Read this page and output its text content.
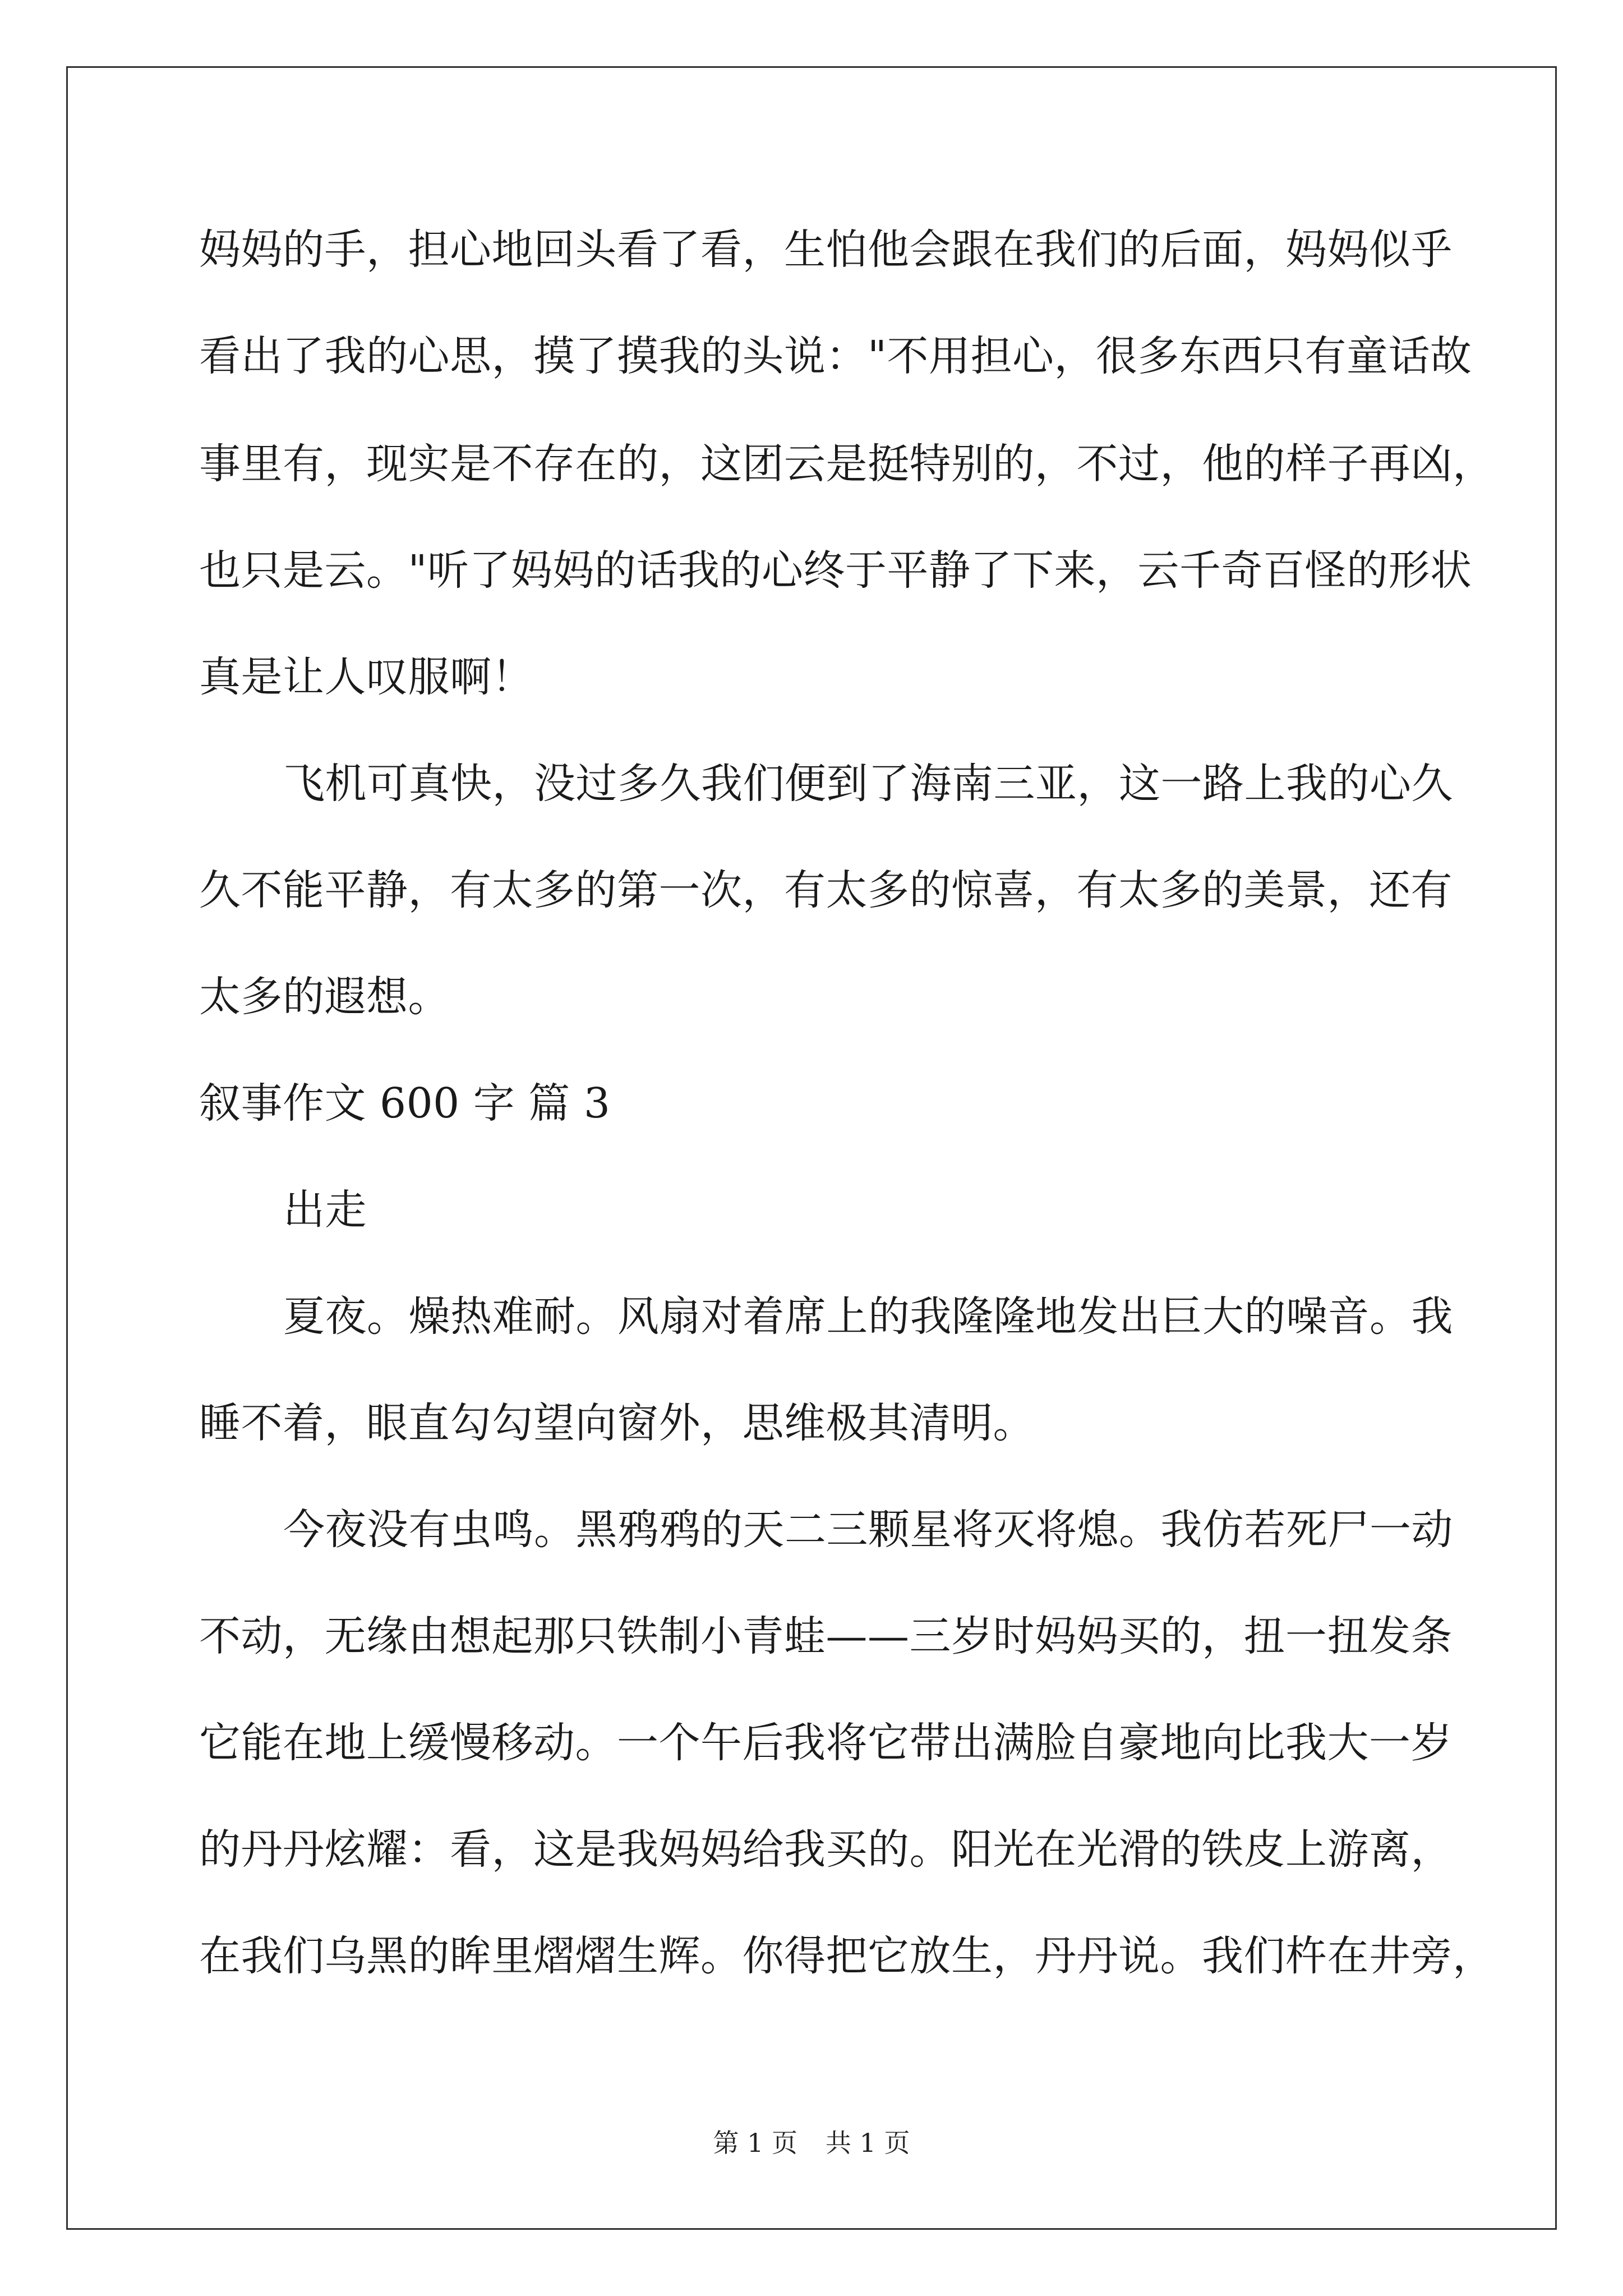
妈妈的手，担心地回头看了看，生怕他会跟在我们的后面，妈妈似乎
看出了我的心思，摸了摸我的头说："不用担心，很多东西只有童话故
事里有，现实是不存在的，这团云是挺特别的，不过，他的样子再凶，
也只是云。"听了妈妈的话我的心终于平静了下来，云千奇百怪的形状
真是让人叹服啊！
飞机可真快，没过多久我们便到了海南三亚，这一路上我的心久
久不能平静，有太多的第一次，有太多的惊喜，有太多的美景，还有
太多的遐想。
叙事作文 600 字 篇 3
出走
夏夜。燥热难耐。风扇对着席上的我隆隆地发出巨大的噪音。我
睡不着，眼直勾勾望向窗外，思维极其清明。
今夜没有虫鸣。黑鸦鸦的天二三颗星将灭将熄。我仿若死尸一动
不动，无缘由想起那只铁制小青蛙——三岁时妈妈买的，扭一扭发条
它能在地上缓慢移动。一个午后我将它带出满脸自豪地向比我大一岁
的丹丹炫耀：看，这是我妈妈给我买的。阳光在光滑的铁皮上游离，
在我们乌黑的眸里熠熠生辉。你得把它放生，丹丹说。我们杵在井旁，
第 1 页 共 1 页
